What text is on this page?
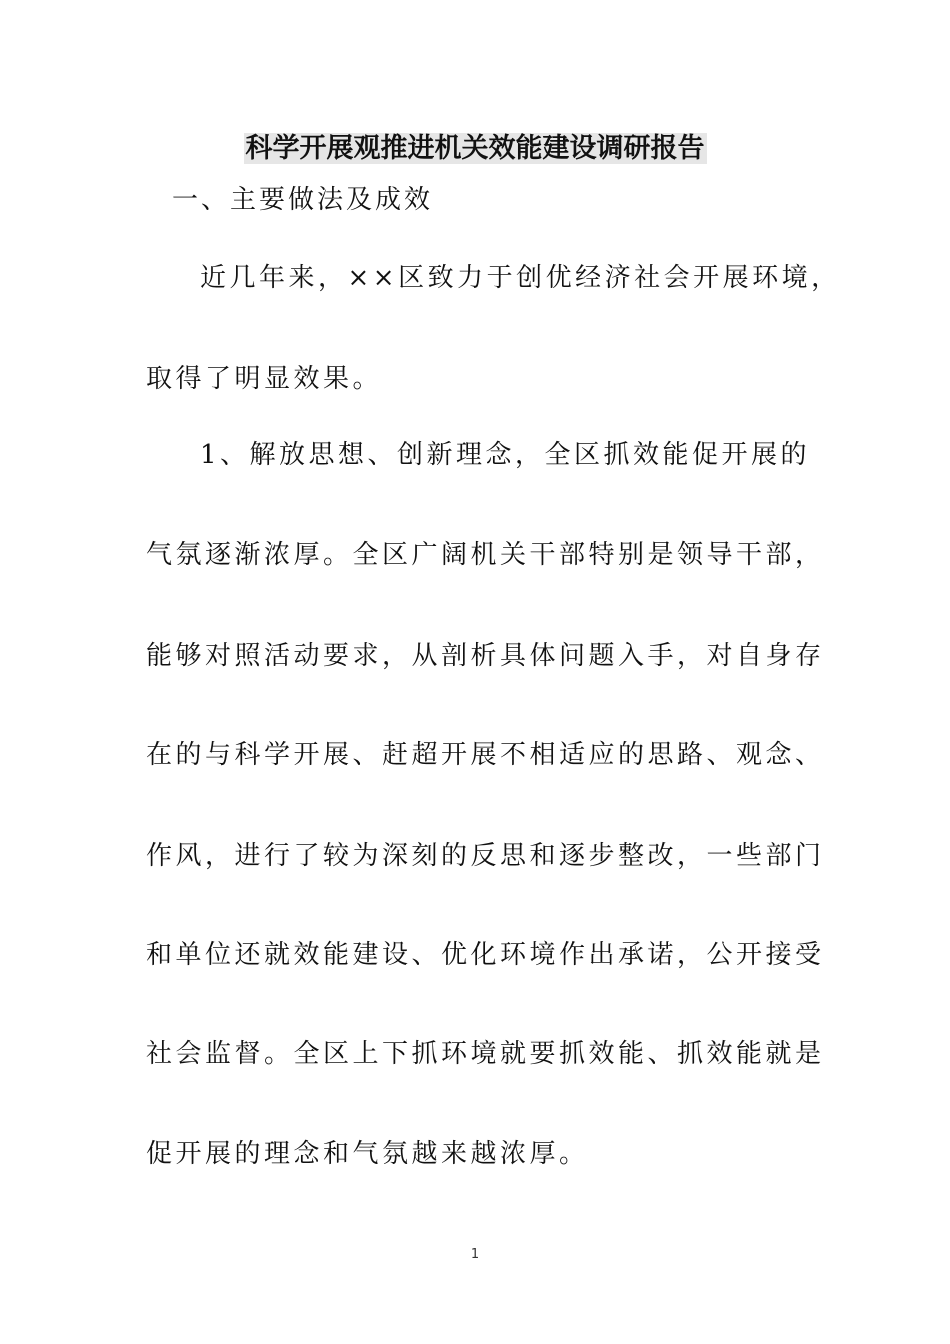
科学开展观推进机关效能建设调研报告
一、主要做法及成效
近几年来，××区致力于创优经济社会开展环境，
取得了明显效果。
1、解放思想、创新理念，全区抓效能促开展的
气氛逐渐浓厚。全区广阔机关干部特别是领导干部，
能够对照活动要求，从剖析具体问题入手，对自身存
在的与科学开展、赶超开展不相适应的思路、观念、
作风，进行了较为深刻的反思和逐步整改，一些部门
和单位还就效能建设、优化环境作出承诺，公开接受
社会监督。全区上下抓环境就要抓效能、抓效能就是
促开展的理念和气氛越来越浓厚。
1
